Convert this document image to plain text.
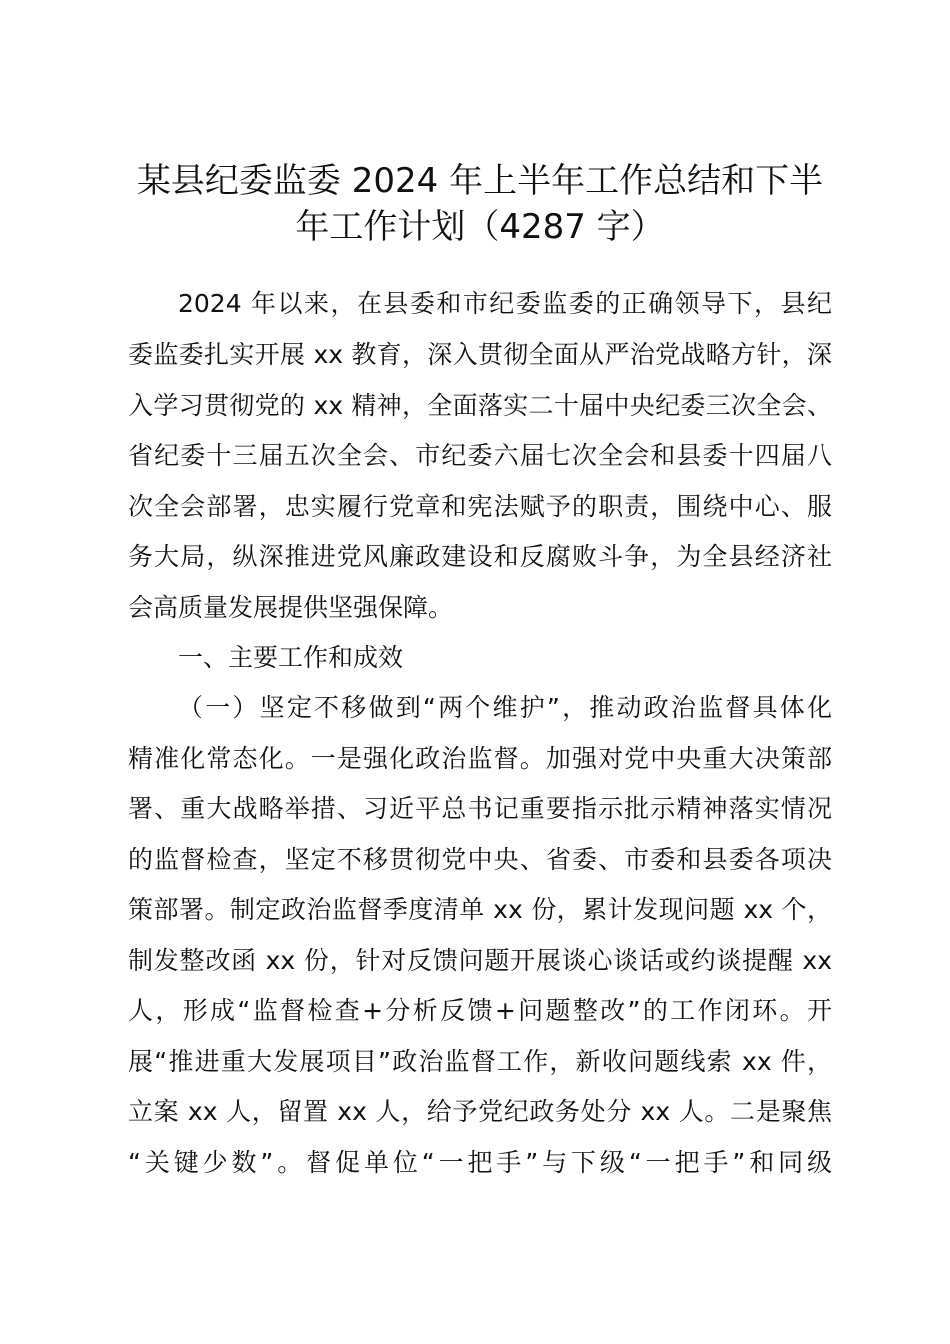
某县纪委监委 2024 年上半年工作总结和下半
年工作计划（4287 字）
2024 年以来，在县委和市纪委监委的正确领导下，县纪
委监委扎实开展 xx 教育，深入贯彻全面从严治党战略方针，深
入学习贯彻党的 xx 精神，全面落实二十届中央纪委三次全会、
省纪委十三届五次全会、市纪委六届七次全会和县委十四届八
次全会部署，忠实履行党章和宪法赋予的职责，围绕中心、服
务大局，纵深推进党风廉政建设和反腐败斗争，为全县经济社
会高质量发展提供坚强保障。
一、主要工作和成效
（一）坚定不移做到“两个维护”，推动政治监督具体化
精准化常态化。一是强化政治监督。加强对党中央重大决策部
署、重大战略举措、习近平总书记重要指示批示精神落实情况
的监督检查，坚定不移贯彻党中央、省委、市委和县委各项决
策部署。制定政治监督季度清单 xx 份，累计发现问题 xx 个，
制发整改函 xx 份，针对反馈问题开展谈心谈话或约谈提醒 xx
人，形成“监督检查+分析反馈+问题整改”的工作闭环。开
展“推进重大发展项目”政治监督工作，新收问题线索 xx 件，
立案 xx 人，留置 xx 人，给予党纪政务处分 xx 人。二是聚焦
“关键少数”。督促单位“一把手”与下级“一把手”和同级
